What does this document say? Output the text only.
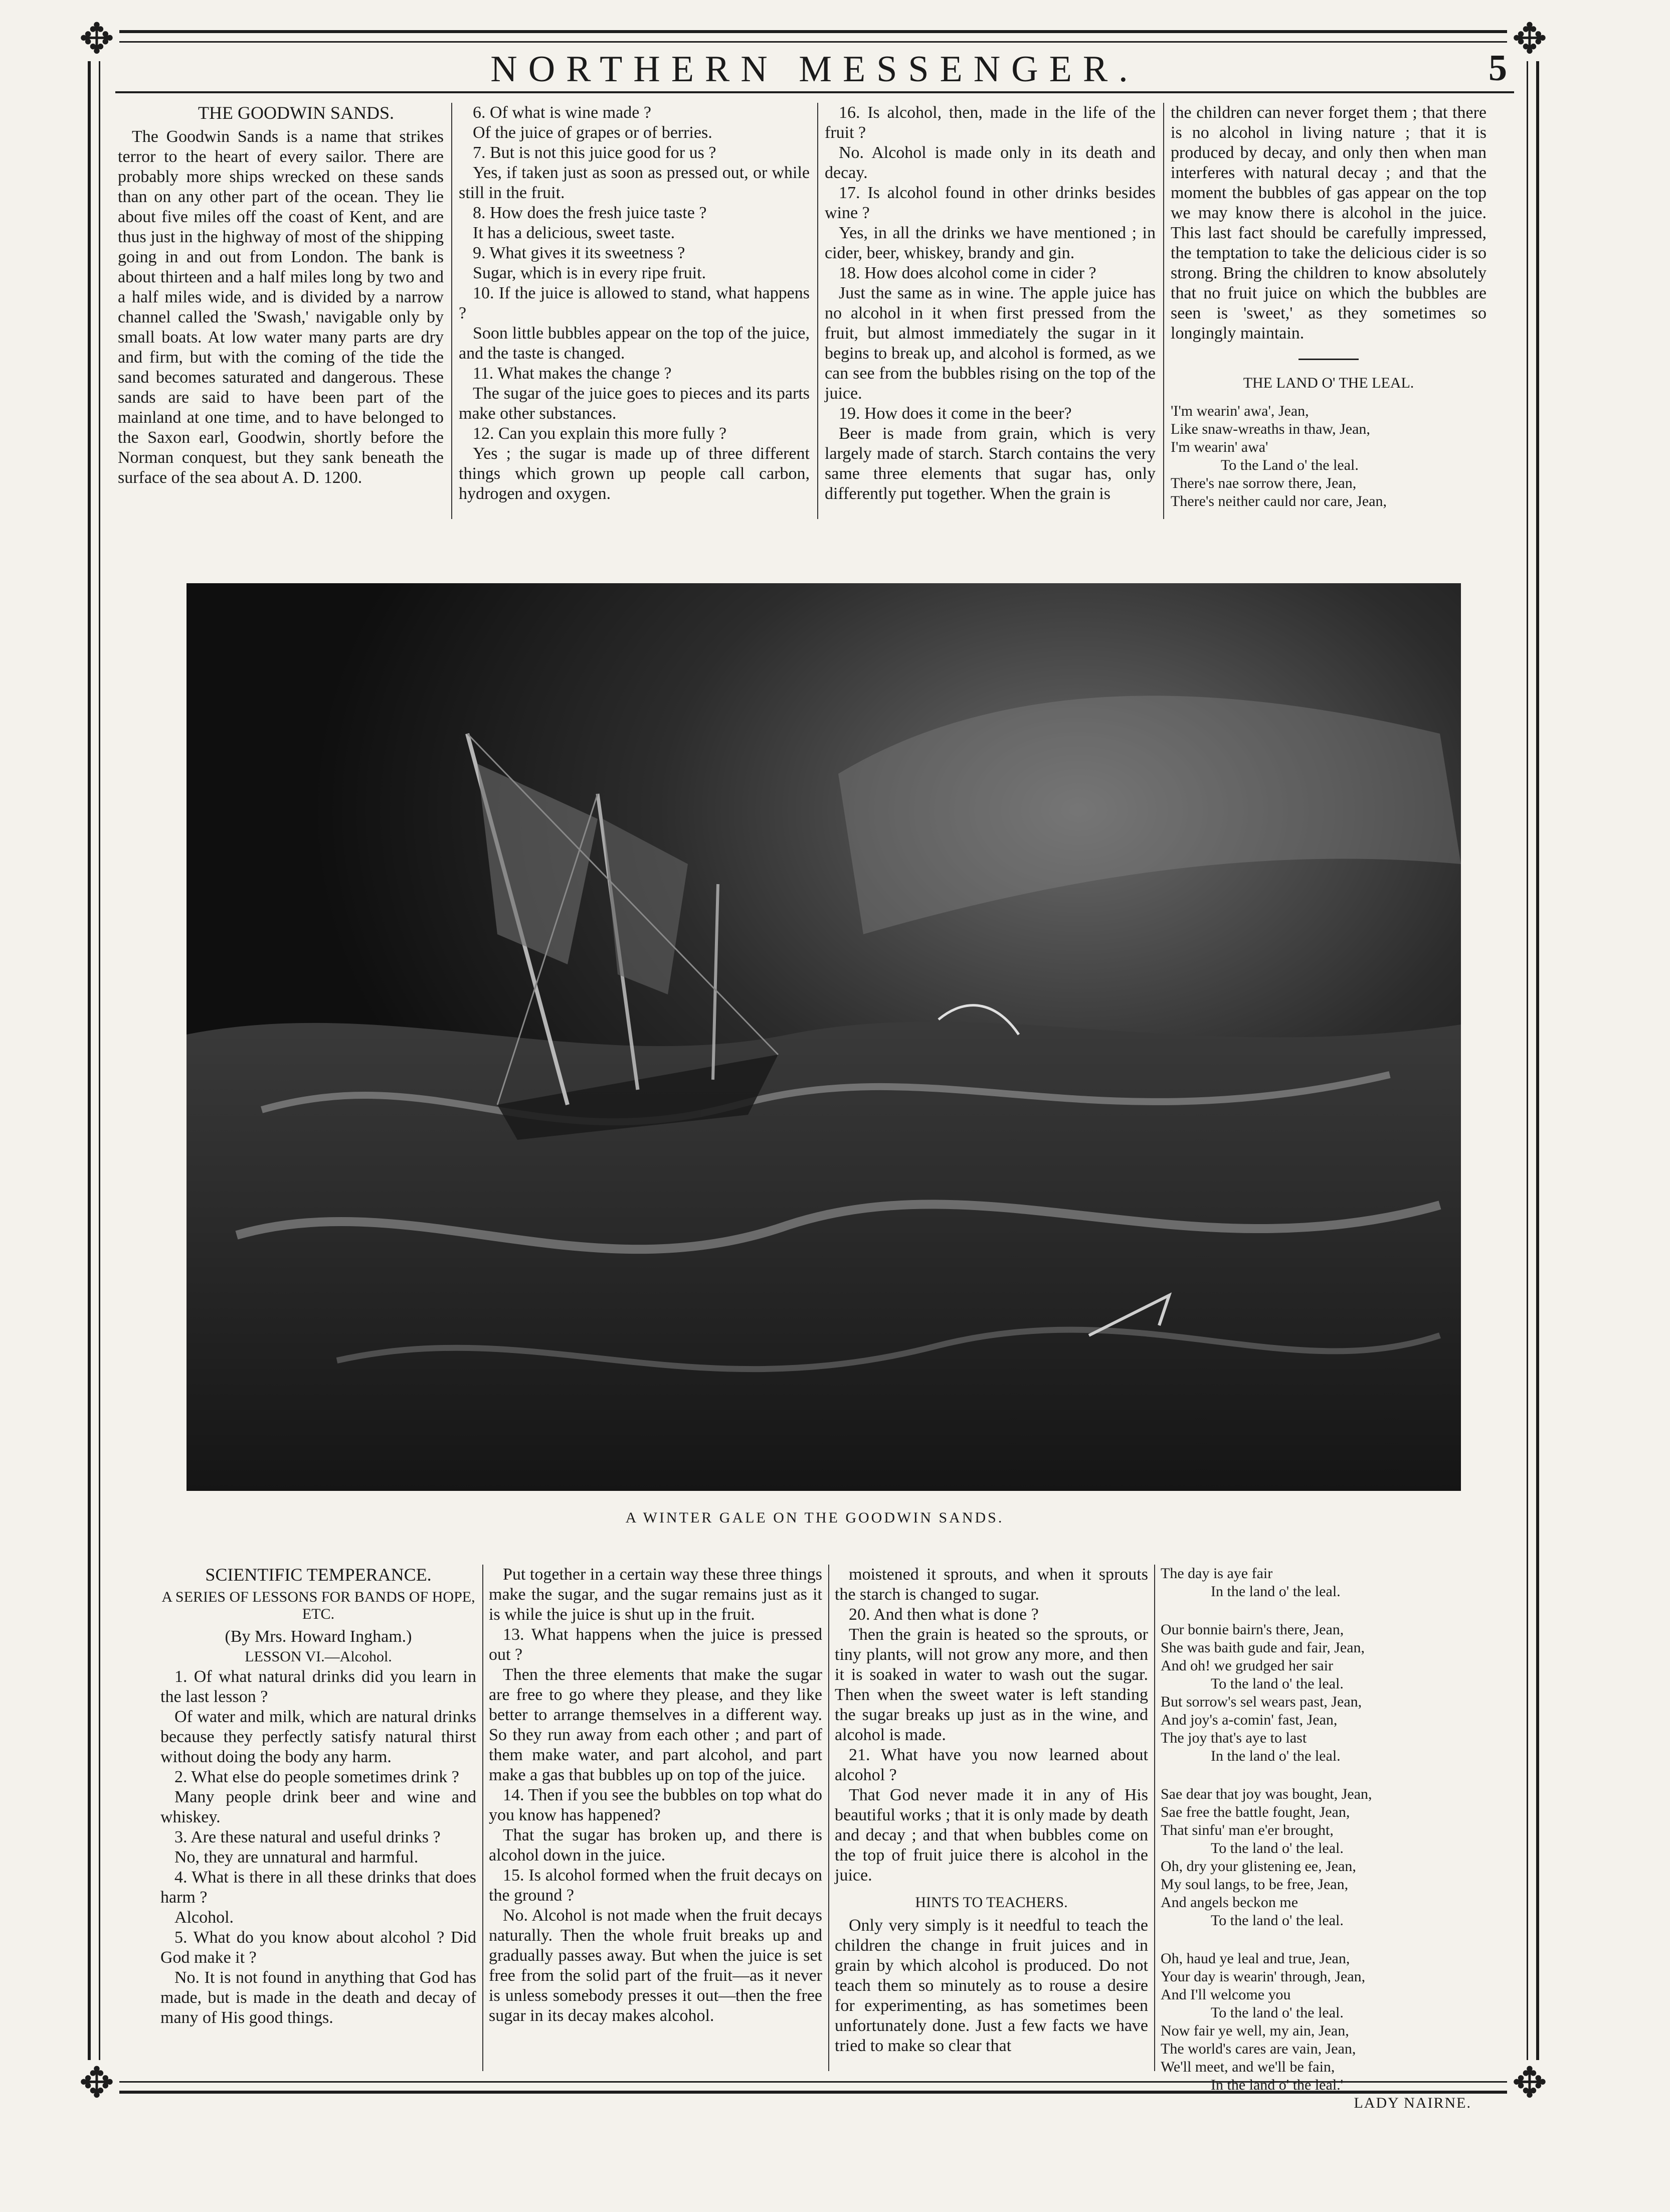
✥	✥
✥	✥
NORTHERN MESSENGER.	5

THE GOODWIN SANDS.

The Goodwin Sands is a name that strikes terror to the heart of every sailor. There are probably more ships wrecked on these sands than on any other part of the ocean. They lie about five miles off the coast of Kent, and are thus just in the highway of most of the shipping going in and out from London. The bank is about thirteen and a half miles long by two and a half miles wide, and is divided by a narrow channel called the 'Swash,' navigable only by small boats. At low water many parts are dry and firm, but with the coming of the tide the sand becomes saturated and dangerous. These sands are said to have been part of the mainland at one time, and to have belonged to the Saxon earl, Goodwin, shortly before the Norman conquest, but they sank beneath the surface of the sea about A. D. 1200.

6. Of what is wine made ?

Of the juice of grapes or of berries.

7. But is not this juice good for us ?

Yes, if taken just as soon as pressed out, or while still in the fruit.

8. How does the fresh juice taste ?

It has a delicious, sweet taste.

9. What gives it its sweetness ?

Sugar, which is in every ripe fruit.

10. If the juice is allowed to stand, what happens ?

Soon little bubbles appear on the top of the juice, and the taste is changed.

11. What makes the change ?

The sugar of the juice goes to pieces and its parts make other substances.

12. Can you explain this more fully ?

Yes ; the sugar is made up of three different things which grown up people call carbon, hydrogen and oxygen.

16. Is alcohol, then, made in the life of the fruit ?

No. Alcohol is made only in its death and decay.

17. Is alcohol found in other drinks besides wine ?

Yes, in all the drinks we have mentioned ; in cider, beer, whiskey, brandy and gin.

18. How does alcohol come in cider ?

Just the same as in wine. The apple juice has no alcohol in it when first pressed from the fruit, but almost immediately the sugar in it begins to break up, and alcohol is formed, as we can see from the bubbles rising on the top of the juice.

19. How does it come in the beer?

Beer is made from grain, which is very largely made of starch. Starch contains the very same three elements that sugar has, only differently put together. When the grain is

the children can never forget them ; that there is no alcohol in living nature ; that it is produced by decay, and only then when man interferes with natural decay ; and that the moment the bubbles of gas appear on the top we may know there is alcohol in the juice. This last fact should be carefully impressed, the temptation to take the delicious cider is so strong. Bring the children to know absolutely that no fruit juice on which the bubbles are seen is 'sweet,' as they sometimes so longingly maintain.

THE LAND O' THE LEAL.

'I'm wearin' awa', Jean,

Like snaw-wreaths in thaw, Jean,

I'm wearin' awa'

To the Land o' the leal.

There's nae sorrow there, Jean,

There's neither cauld nor care, Jean,

A WINTER GALE ON THE GOODWIN SANDS.

SCIENTIFIC TEMPERANCE.

A SERIES OF LESSONS FOR BANDS OF HOPE, ETC.

(By Mrs. Howard Ingham.)

LESSON VI.—Alcohol.

1. Of what natural drinks did you learn in the last lesson ?

Of water and milk, which are natural drinks because they perfectly satisfy natural thirst without doing the body any harm.

2. What else do people sometimes drink ?

Many people drink beer and wine and whiskey.

3. Are these natural and useful drinks ?

No, they are unnatural and harmful.

4. What is there in all these drinks that does harm ?

Alcohol.

5. What do you know about alcohol ? Did God make it ?

No. It is not found in anything that God has made, but is made in the death and decay of many of His good things.

Put together in a certain way these three things make the sugar, and the sugar remains just as it is while the juice is shut up in the fruit.

13. What happens when the juice is pressed out ?

Then the three elements that make the sugar are free to go where they please, and they like better to arrange themselves in a different way. So they run away from each other ; and part of them make water, and part alcohol, and part make a gas that bubbles up on top of the juice.

14. Then if you see the bubbles on top what do you know has happened?

That the sugar has broken up, and there is alcohol down in the juice.

15. Is alcohol formed when the fruit decays on the ground ?

No. Alcohol is not made when the fruit decays naturally. Then the whole fruit breaks up and gradually passes away. But when the juice is set free from the solid part of the fruit—as it never is unless somebody presses it out—then the free sugar in its decay makes alcohol.

moistened it sprouts, and when it sprouts the starch is changed to sugar.

20. And then what is done ?

Then the grain is heated so the sprouts, or tiny plants, will not grow any more, and then it is soaked in water to wash out the sugar. Then when the sweet water is left standing the sugar breaks up just as in the wine, and alcohol is made.

21. What have you now learned about alcohol ?

That God never made it in any of His beautiful works ; that it is only made by death and decay ; and that when bubbles come on the top of fruit juice there is alcohol in the juice.

HINTS TO TEACHERS.

Only very simply is it needful to teach the children the change in fruit juices and in grain by which alcohol is produced. Do not teach them so minutely as to rouse a desire for experimenting, as has sometimes been unfortunately done. Just a few facts we have tried to make so clear that

The day is aye fair

In the land o' the leal.

Our bonnie bairn's there, Jean,

She was baith gude and fair, Jean,

And oh! we grudged her sair

To the land o' the leal.

But sorrow's sel wears past, Jean,

And joy's a-comin' fast, Jean,

The joy that's aye to last

In the land o' the leal.

Sae dear that joy was bought, Jean,

Sae free the battle fought, Jean,

That sinfu' man e'er brought,

To the land o' the leal.

Oh, dry your glistening ee, Jean,

My soul langs, to be free, Jean,

And angels beckon me

To the land o' the leal.

Oh, haud ye leal and true, Jean,

Your day is wearin' through, Jean,

And I'll welcome you

To the land o' the leal.

Now fair ye well, my ain, Jean,

The world's cares are vain, Jean,

We'll meet, and we'll be fain,

In the land o' the leal.'

LADY NAIRNE.
